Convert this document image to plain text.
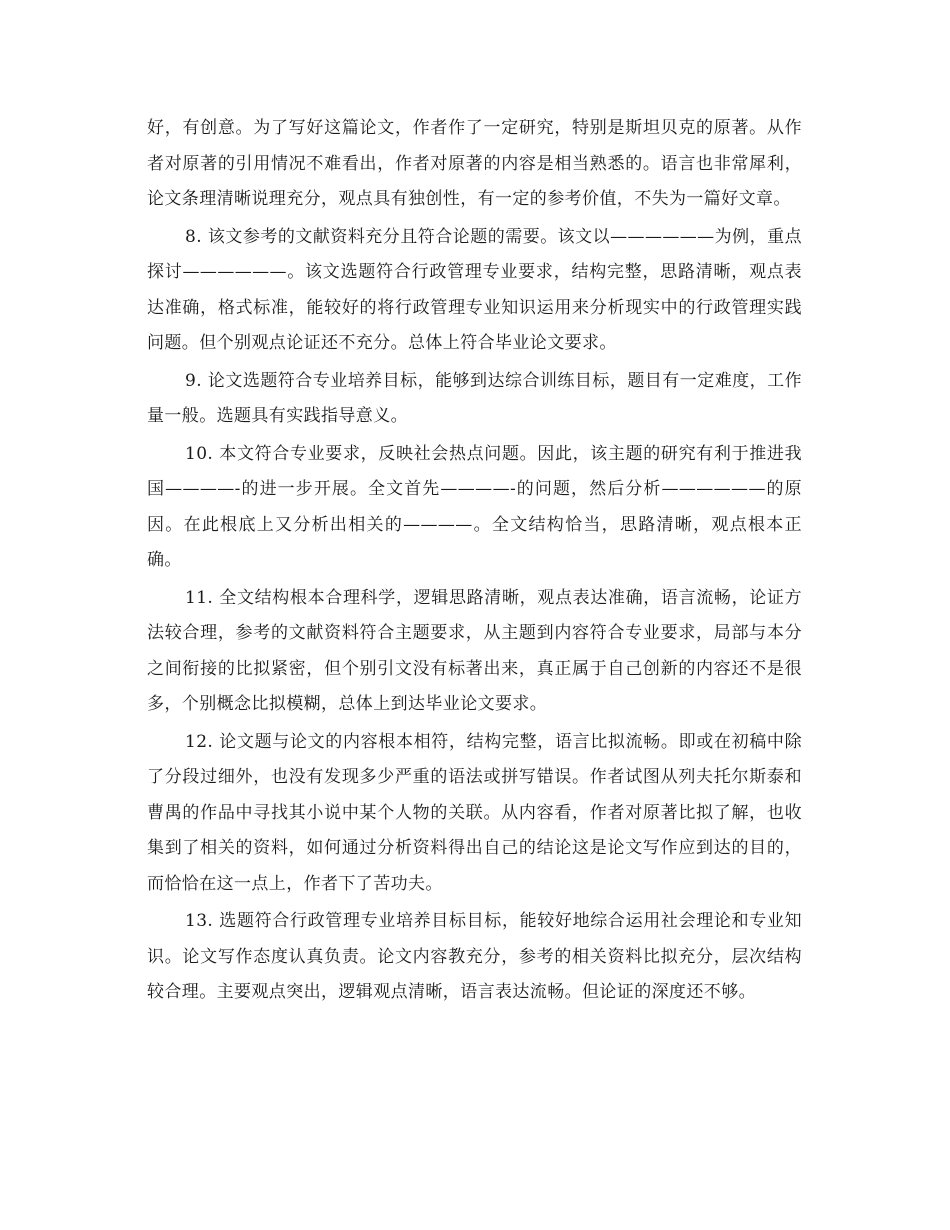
好，有创意。为了写好这篇论文，作者作了一定研究，特别是斯坦贝克的原著。从作者对原著的引用情况不难看出，作者对原著的内容是相当熟悉的。语言也非常犀利，论文条理清晰说理充分，观点具有独创性，有一定的参考价值，不失为一篇好文章。

8. 该文参考的文献资料充分且符合论题的需要。该文以——————为例，重点探讨——————。该文选题符合行政管理专业要求，结构完整，思路清晰，观点表达准确，格式标准，能较好的将行政管理专业知识运用来分析现实中的行政管理实践问题。但个别观点论证还不充分。总体上符合毕业论文要求。

9. 论文选题符合专业培养目标，能够到达综合训练目标，题目有一定难度，工作量一般。选题具有实践指导意义。

10. 本文符合专业要求，反映社会热点问题。因此，该主题的研究有利于推进我国————-的进一步开展。全文首先————-的问题，然后分析——————的原因。在此根底上又分析出相关的————。全文结构恰当，思路清晰，观点根本正确。

11. 全文结构根本合理科学，逻辑思路清晰，观点表达准确，语言流畅，论证方法较合理，参考的文献资料符合主题要求，从主题到内容符合专业要求，局部与本分之间衔接的比拟紧密，但个别引文没有标著出来，真正属于自己创新的内容还不是很多，个别概念比拟模糊，总体上到达毕业论文要求。

12. 论文题与论文的内容根本相符，结构完整，语言比拟流畅。即或在初稿中除了分段过细外，也没有发现多少严重的语法或拼写错误。作者试图从列夫托尔斯泰和曹禺的作品中寻找其小说中某个人物的关联。从内容看，作者对原著比拟了解，也收集到了相关的资料，如何通过分析资料得出自己的结论这是论文写作应到达的目的，而恰恰在这一点上，作者下了苦功夫。

13. 选题符合行政管理专业培养目标目标，能较好地综合运用社会理论和专业知识。论文写作态度认真负责。论文内容教充分，参考的相关资料比拟充分，层次结构较合理。主要观点突出，逻辑观点清晰，语言表达流畅。但论证的深度还不够。
